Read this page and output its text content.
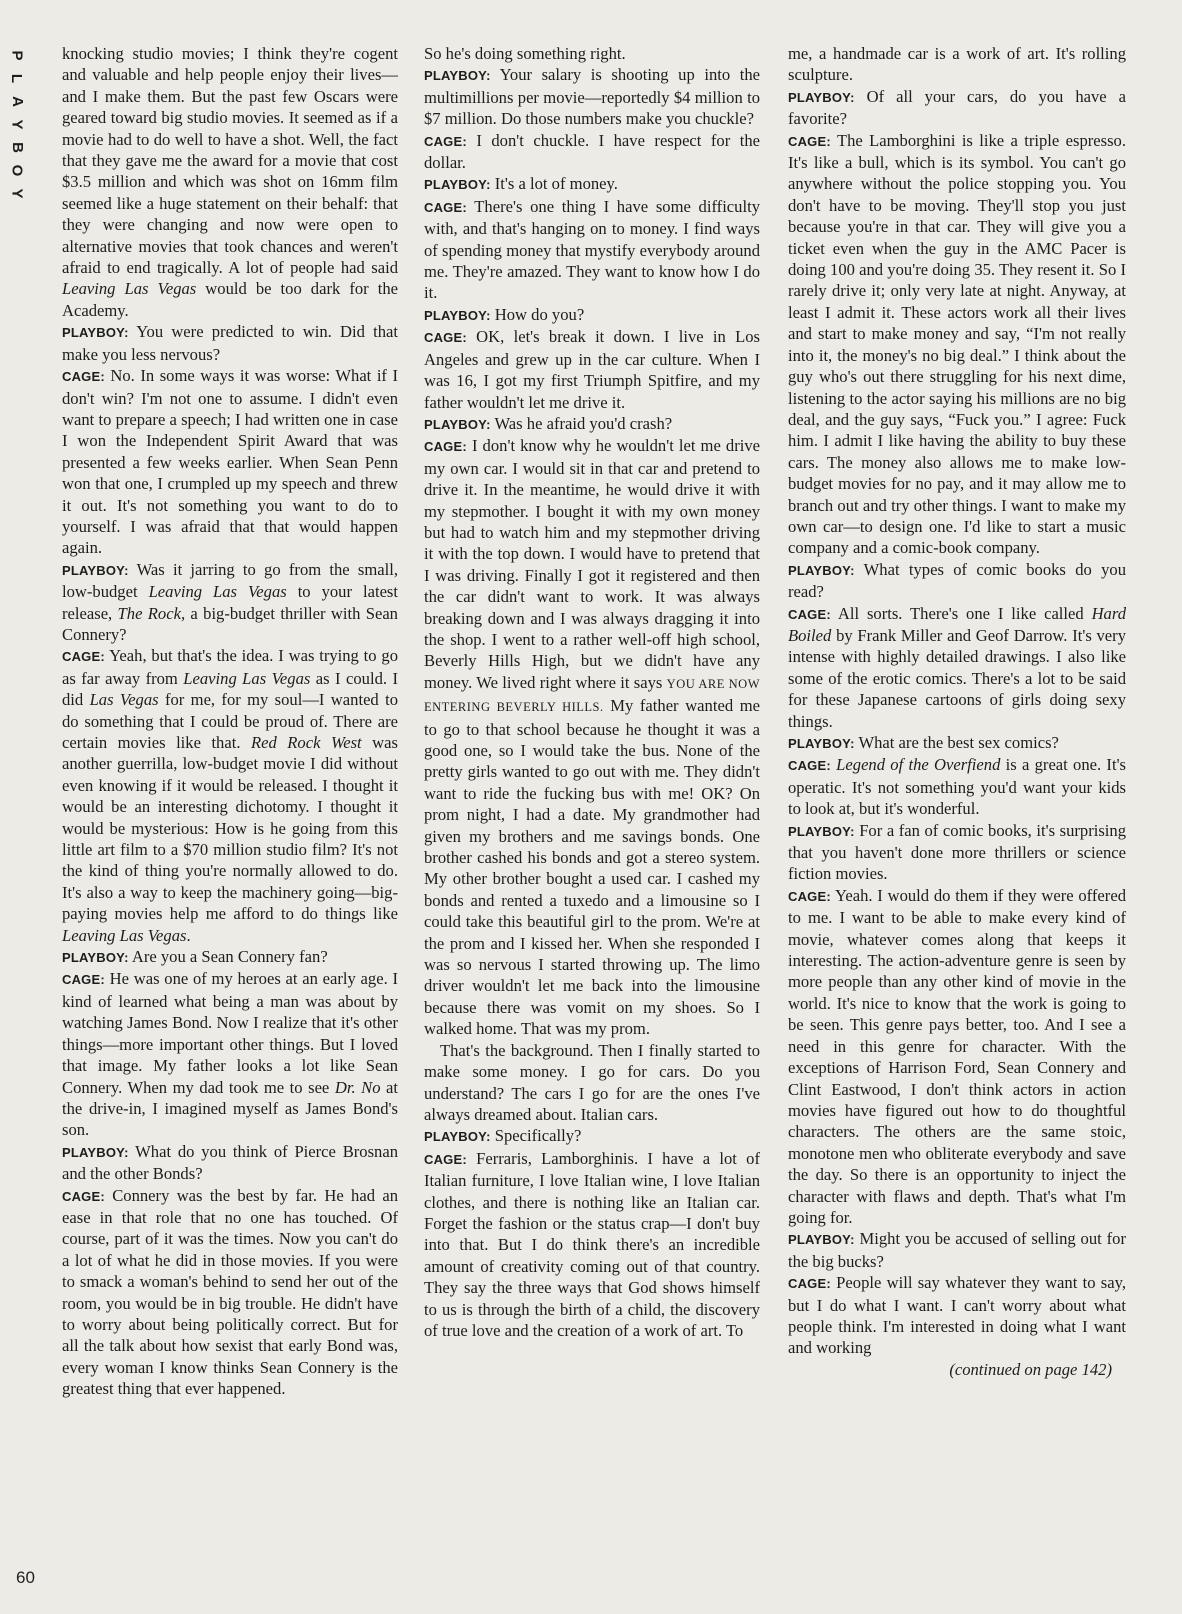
P
L
A
Y
B
O
Y
60

knocking studio movies; I think they're cogent and valuable and help people enjoy their lives—and I make them. But the past few Oscars were geared toward big studio movies. It seemed as if a movie had to do well to have a shot. Well, the fact that they gave me the award for a movie that cost $3.5 million and which was shot on 16mm film seemed like a huge statement on their behalf: that they were changing and now were open to alternative movies that took chances and weren't afraid to end tragically. A lot of people had said Leaving Las Vegas would be too dark for the Academy.

PLAYBOY: You were predicted to win. Did that make you less nervous?

CAGE: No. In some ways it was worse: What if I don't win? I'm not one to assume. I didn't even want to prepare a speech; I had written one in case I won the Independent Spirit Award that was presented a few weeks earlier. When Sean Penn won that one, I crumpled up my speech and threw it out. It's not something you want to do to yourself. I was afraid that that would happen again.

PLAYBOY: Was it jarring to go from the small, low-budget Leaving Las Vegas to your latest release, The Rock, a big-budget thriller with Sean Connery?

CAGE: Yeah, but that's the idea. I was trying to go as far away from Leaving Las Vegas as I could. I did Las Vegas for me, for my soul—I wanted to do something that I could be proud of. There are certain movies like that. Red Rock West was another guerrilla, low-budget movie I did without even knowing if it would be released. I thought it would be an interesting dichotomy. I thought it would be mysterious: How is he going from this little art film to a $70 million studio film? It's not the kind of thing you're normally allowed to do. It's also a way to keep the machinery going—big-paying movies help me afford to do things like Leaving Las Vegas.

PLAYBOY: Are you a Sean Connery fan?

CAGE: He was one of my heroes at an early age. I kind of learned what being a man was about by watching James Bond. Now I realize that it's other things—more important other things. But I loved that image. My father looks a lot like Sean Connery. When my dad took me to see Dr. No at the drive-in, I imagined myself as James Bond's son.

PLAYBOY: What do you think of Pierce Brosnan and the other Bonds?

CAGE: Connery was the best by far. He had an ease in that role that no one has touched. Of course, part of it was the times. Now you can't do a lot of what he did in those movies. If you were to smack a woman's behind to send her out of the room, you would be in big trouble. He didn't have to worry about being politically correct. But for all the talk about how sexist that early Bond was, every woman I know thinks Sean Connery is the greatest thing that ever happened.

So he's doing something right.

PLAYBOY: Your salary is shooting up into the multimillions per movie—reportedly $4 million to $7 million. Do those numbers make you chuckle?

CAGE: I don't chuckle. I have respect for the dollar.

PLAYBOY: It's a lot of money.

CAGE: There's one thing I have some difficulty with, and that's hanging on to money. I find ways of spending money that mystify everybody around me. They're amazed. They want to know how I do it.

PLAYBOY: How do you?

CAGE: OK, let's break it down. I live in Los Angeles and grew up in the car culture. When I was 16, I got my first Triumph Spitfire, and my father wouldn't let me drive it.

PLAYBOY: Was he afraid you'd crash?

CAGE: I don't know why he wouldn't let me drive my own car. I would sit in that car and pretend to drive it. In the meantime, he would drive it with my stepmother. I bought it with my own money but had to watch him and my stepmother driving it with the top down. I would have to pretend that I was driving. Finally I got it registered and then the car didn't want to work. It was always breaking down and I was always dragging it into the shop. I went to a rather well-off high school, Beverly Hills High, but we didn't have any money. We lived right where it says YOU ARE NOW ENTERING BEVERLY HILLS. My father wanted me to go to that school because he thought it was a good one, so I would take the bus. None of the pretty girls wanted to go out with me. They didn't want to ride the fucking bus with me! OK? On prom night, I had a date. My grandmother had given my brothers and me savings bonds. One brother cashed his bonds and got a stereo system. My other brother bought a used car. I cashed my bonds and rented a tuxedo and a limousine so I could take this beautiful girl to the prom. We're at the prom and I kissed her. When she responded I was so nervous I started throwing up. The limo driver wouldn't let me back into the limousine because there was vomit on my shoes. So I walked home. That was my prom.

That's the background. Then I finally started to make some money. I go for cars. Do you understand? The cars I go for are the ones I've always dreamed about. Italian cars.

PLAYBOY: Specifically?

CAGE: Ferraris, Lamborghinis. I have a lot of Italian furniture, I love Italian wine, I love Italian clothes, and there is nothing like an Italian car. Forget the fashion or the status crap—I don't buy into that. But I do think there's an incredible amount of creativity coming out of that country. They say the three ways that God shows himself to us is through the birth of a child, the discovery of true love and the creation of a work of art. To

me, a handmade car is a work of art. It's rolling sculpture.

PLAYBOY: Of all your cars, do you have a favorite?

CAGE: The Lamborghini is like a triple espresso. It's like a bull, which is its symbol. You can't go anywhere without the police stopping you. You don't have to be moving. They'll stop you just because you're in that car. They will give you a ticket even when the guy in the AMC Pacer is doing 100 and you're doing 35. They resent it. So I rarely drive it; only very late at night. Anyway, at least I admit it. These actors work all their lives and start to make money and say, “I'm not really into it, the money's no big deal.” I think about the guy who's out there struggling for his next dime, listening to the actor saying his millions are no big deal, and the guy says, “Fuck you.” I agree: Fuck him. I admit I like having the ability to buy these cars. The money also allows me to make low-budget movies for no pay, and it may allow me to branch out and try other things. I want to make my own car—to design one. I'd like to start a music company and a comic-book company.

PLAYBOY: What types of comic books do you read?

CAGE: All sorts. There's one I like called Hard Boiled by Frank Miller and Geof Darrow. It's very intense with highly detailed drawings. I also like some of the erotic comics. There's a lot to be said for these Japanese cartoons of girls doing sexy things.

PLAYBOY: What are the best sex comics?

CAGE: Legend of the Overfiend is a great one. It's operatic. It's not something you'd want your kids to look at, but it's wonderful.

PLAYBOY: For a fan of comic books, it's surprising that you haven't done more thrillers or science fiction movies.

CAGE: Yeah. I would do them if they were offered to me. I want to be able to make every kind of movie, whatever comes along that keeps it interesting. The action-adventure genre is seen by more people than any other kind of movie in the world. It's nice to know that the work is going to be seen. This genre pays better, too. And I see a need in this genre for character. With the exceptions of Harrison Ford, Sean Connery and Clint Eastwood, I don't think actors in action movies have figured out how to do thoughtful characters. The others are the same stoic, monotone men who obliterate everybody and save the day. So there is an opportunity to inject the character with flaws and depth. That's what I'm going for.

PLAYBOY: Might you be accused of selling out for the big bucks?

CAGE: People will say whatever they want to say, but I do what I want. I can't worry about what people think. I'm interested in doing what I want and working

(continued on page 142)
